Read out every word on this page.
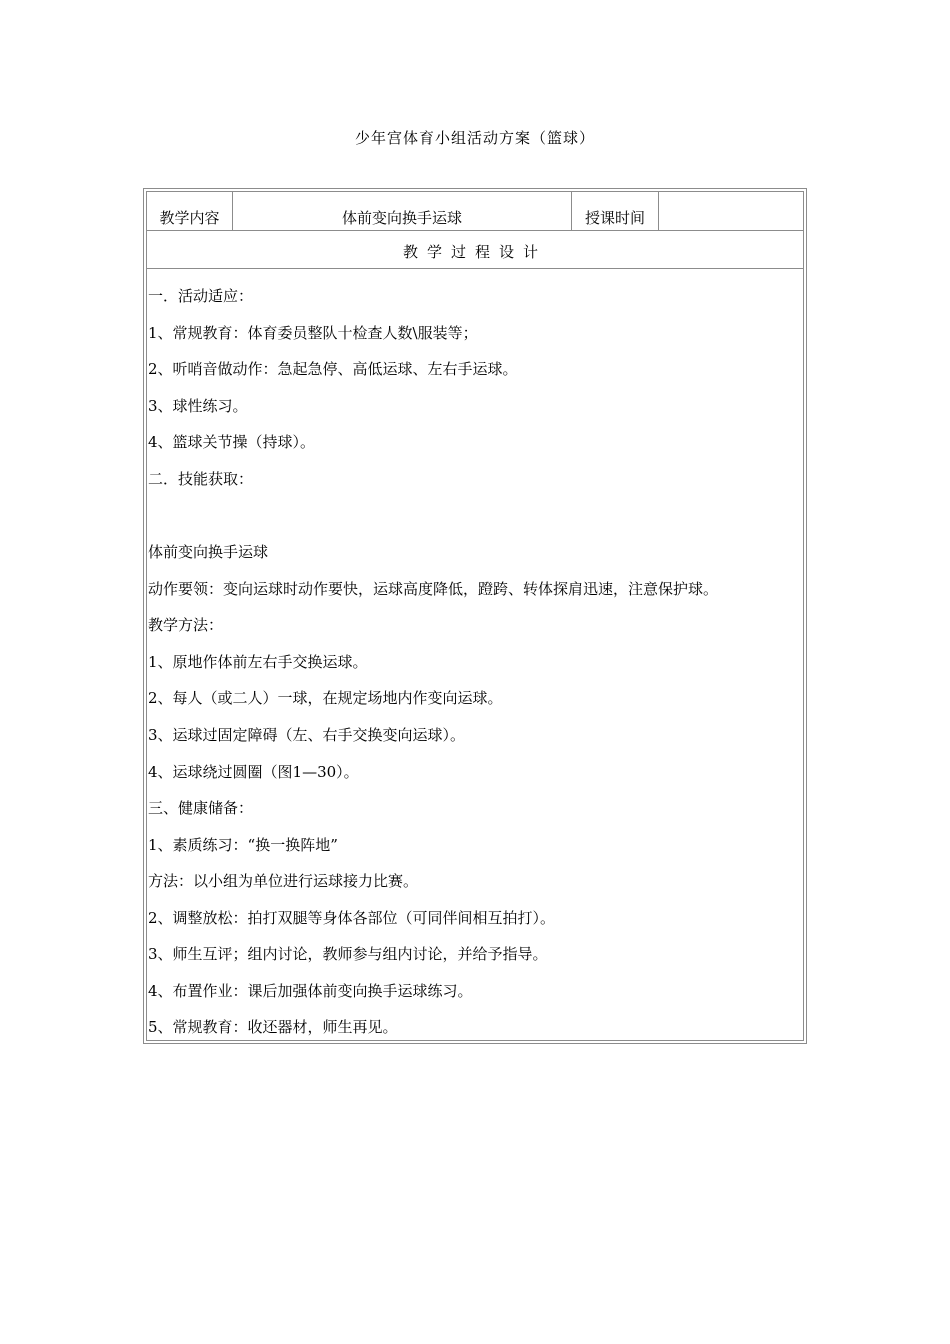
少年宫体育小组活动方案（篮球）
教学内容	体前变向换手运球	授课时间
教学过程设计
一．活动适应：
1、常规教育：体育委员整队十检查人数\服装等；
2、听哨音做动作：急起急停、高低运球、左右手运球。
3、球性练习。
4、篮球关节操（持球）。
二．技能获取：
体前变向换手运球
动作要领：变向运球时动作要快，运球高度降低，蹬跨、转体探肩迅速，注意保护球。
教学方法：
1、原地作体前左右手交换运球。
2、每人（或二人）一球，在规定场地内作变向运球。
3、运球过固定障碍（左、右手交换变向运球）。
4、运球绕过圆圈（图1—30）。
三、健康储备：
1、素质练习：“换一换阵地”
方法：以小组为单位进行运球接力比赛。
2、调整放松：拍打双腿等身体各部位（可同伴间相互拍打）。
3、师生互评；组内讨论，教师参与组内讨论，并给予指导。
4、布置作业：课后加强体前变向换手运球练习。
5、常规教育：收还器材，师生再见。
